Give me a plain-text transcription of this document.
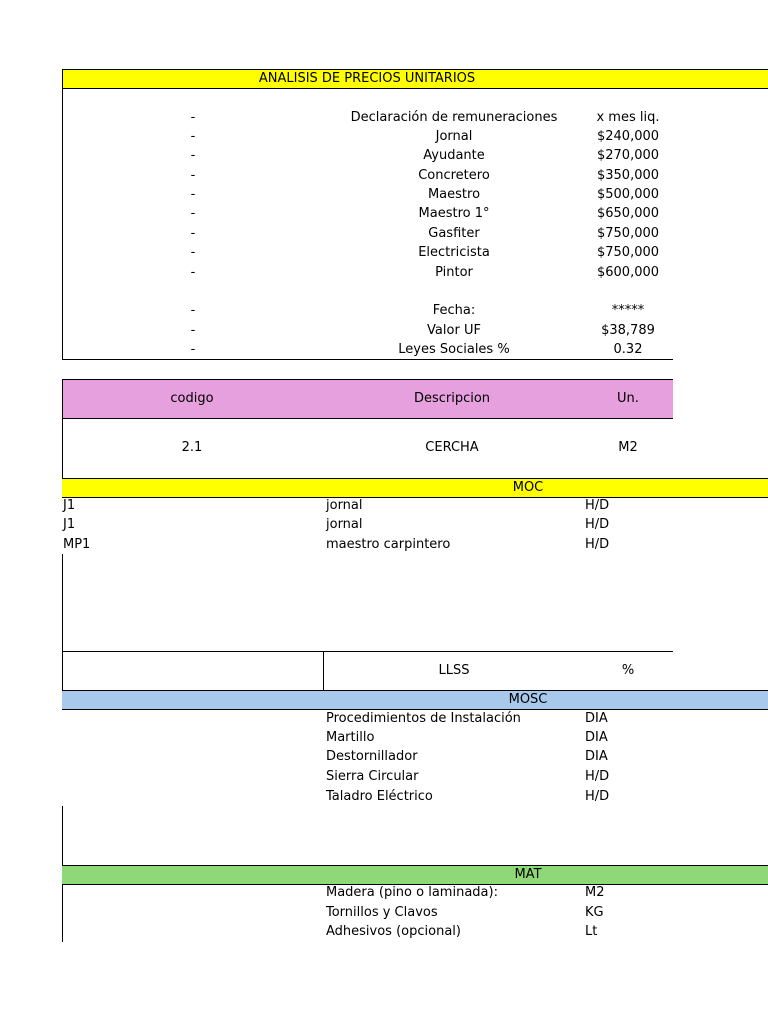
ANALISIS DE PRECIOS UNITARIOS
-	Declaración de remuneraciones	x mes liq.
-	Jornal	$240,000
-	Ayudante	$270,000
-	Concretero	$350,000
-	Maestro	$500,000
-	Maestro 1°	$650,000
-	Gasfiter	$750,000
-	Electricista	$750,000
-	Pintor	$600,000
-	Fecha:	*****
-	Valor UF	$38,789
-	Leyes Sociales %	0.32
codigo	Descripcion	Un.
2.1	CERCHA	M2
MOC
J1	jornal	H/D
J1	jornal	H/D
MP1	maestro carpintero	H/D
LLSS	%
MOSC
Procedimientos de Instalación	DIA
Martillo	DIA
Destornillador	DIA
Sierra Circular	H/D
Taladro Eléctrico	H/D
MAT
Madera (pino o laminada):	M2
Tornillos y Clavos	KG
Adhesivos (opcional)	Lt
